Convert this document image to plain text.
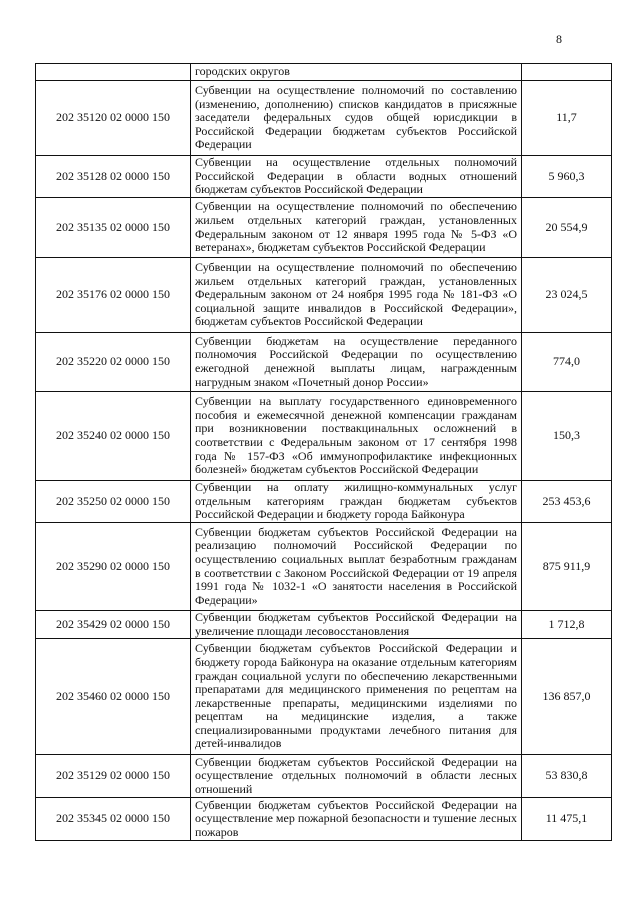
8
	городских округов	
202 35120 02 0000 150	Субвенции на осуществление полномочий по составлению (изменению, дополнению) списков кандидатов в присяжные заседатели федеральных судов общей юрисдикции в Российской Федерации бюджетам субъектов Российской Федерации	11,7
202 35128 02 0000 150	Субвенции на осуществление отдельных полномочий Российской Федерации в области водных отношений бюджетам субъектов Российской Федерации	5 960,3
202 35135 02 0000 150	Субвенции на осуществление полномочий по обеспечению жильем отдельных категорий граждан, установленных Федеральным законом от 12 января 1995 года № 5-ФЗ «О ветеранах», бюджетам субъектов Российской Федерации	20 554,9
202 35176 02 0000 150	Субвенции на осуществление полномочий по обеспечению жильем отдельных категорий граждан, установленных Федеральным законом от 24 ноября 1995 года № 181-ФЗ «О социальной защите инвалидов в Российской Федерации», бюджетам субъектов Российской Федерации	23 024,5
202 35220 02 0000 150	Субвенции бюджетам на осуществление переданного полномочия Российской Федерации по осуществлению ежегодной денежной выплаты лицам, награжденным нагрудным знаком «Почетный донор России»	774,0
202 35240 02 0000 150	Субвенции на выплату государственного единовременного пособия и ежемесячной денежной компенсации гражданам при возникновении поствакцинальных осложнений в соответствии с Федеральным законом от 17 сентября 1998 года № 157-ФЗ «Об иммунопрофилактике инфекционных болезней» бюджетам субъектов Российской Федерации	150,3
202 35250 02 0000 150	Субвенции на оплату жилищно-коммунальных услуг отдельным категориям граждан бюджетам субъектов Российской Федерации и бюджету города Байконура	253 453,6
202 35290 02 0000 150	Субвенции бюджетам субъектов Российской Федерации на реализацию полномочий Российской Федерации по осуществлению социальных выплат безработным гражданам в соответствии с Законом Российской Федерации от 19 апреля 1991 года № 1032-1 «О занятости населения в Российской Федерации»	875 911,9
202 35429 02 0000 150	Субвенции бюджетам субъектов Российской Федерации на увеличение площади лесовосстановления	1 712,8
202 35460 02 0000 150	Субвенции бюджетам субъектов Российской Федерации и бюджету города Байконура на оказание отдельным категориям граждан социальной услуги по обеспечению лекарственными препаратами для медицинского применения по рецептам на лекарственные препараты, медицинскими изделиями по рецептам на медицинские изделия, а также специализированными продуктами лечебного питания для детей-инвалидов	136 857,0
202 35129 02 0000 150	Субвенции бюджетам субъектов Российской Федерации на осуществление отдельных полномочий в области лесных отношений	53 830,8
202 35345 02 0000 150	Субвенции бюджетам субъектов Российской Федерации на осуществление мер пожарной безопасности и тушение лесных пожаров	11 475,1
